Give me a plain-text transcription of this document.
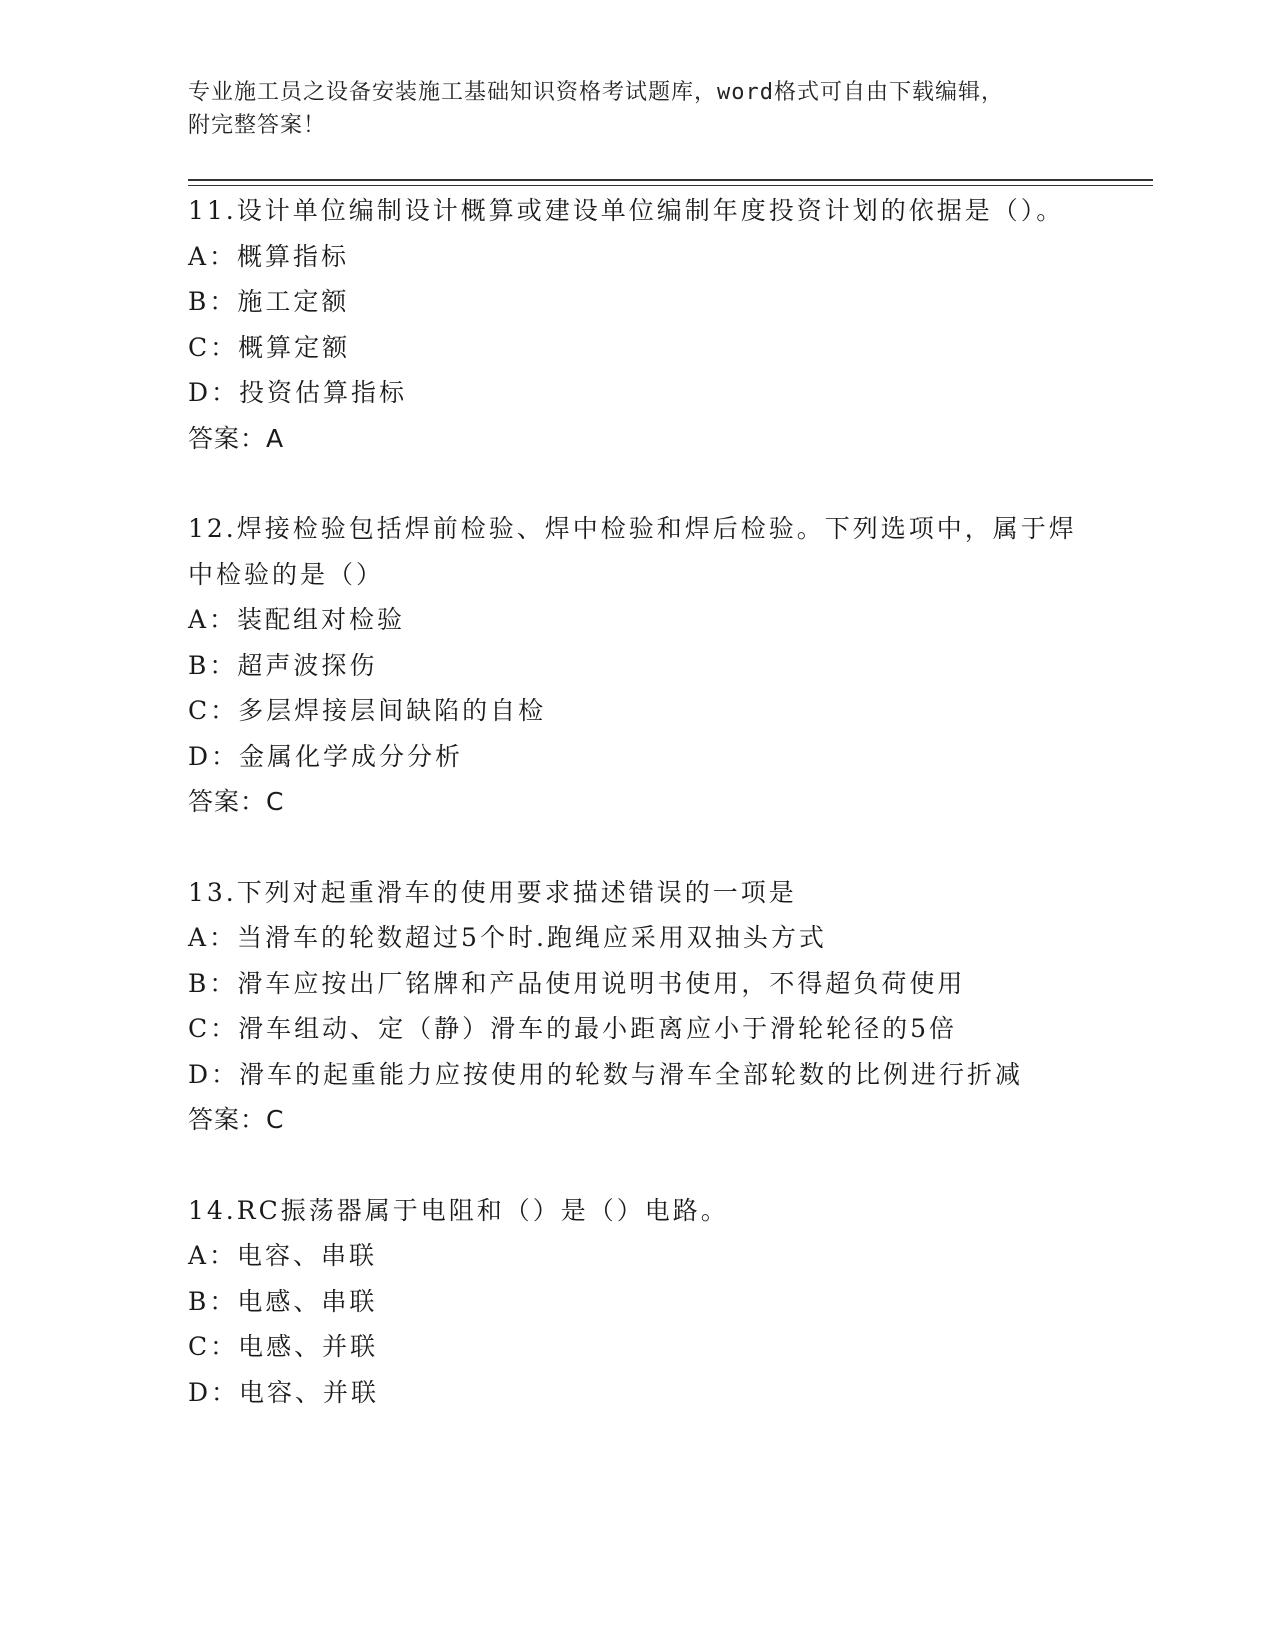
专业施工员之设备安装施工基础知识资格考试题库，word格式可自由下载编辑，
附完整答案！
11.设计单位编制设计概算或建设单位编制年度投资计划的依据是（）。
A：概算指标
B：施工定额
C：概算定额
D：投资估算指标
答案：A
12.焊接检验包括焊前检验、焊中检验和焊后检验。下列选项中，属于焊中检验的是（）
A：装配组对检验
B：超声波探伤
C：多层焊接层间缺陷的自检
D：金属化学成分分析
答案：C
13.下列对起重滑车的使用要求描述错误的一项是
A：当滑车的轮数超过5个时.跑绳应采用双抽头方式
B：滑车应按出厂铭牌和产品使用说明书使用，不得超负荷使用
C：滑车组动、定（静）滑车的最小距离应小于滑轮轮径的5倍
D：滑车的起重能力应按使用的轮数与滑车全部轮数的比例进行折减
答案：C
14.RC振荡器属于电阻和（）是（）电路。
A：电容、串联
B：电感、串联
C：电感、并联
D：电容、并联
